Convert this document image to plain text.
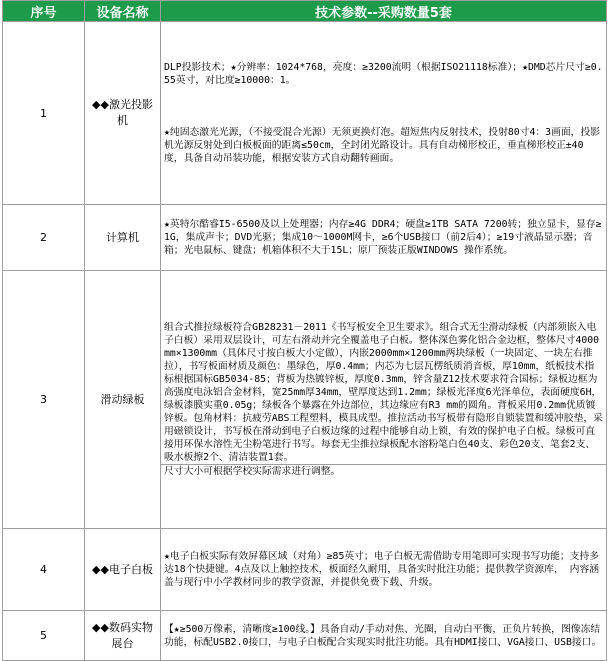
序号	设备名称	技术参数--采购数量5套
1	◆◆激光投影机	DLP投影技术；★分辨率：1024*768，亮度：≥3200流明（根据ISO21118标准）；★DMD芯片尺寸≥0.55英寸，对比度≥10000：1。
★纯固态激光光源，（不接受混合光源）无须更换灯泡。超短焦内反射技术，投射80寸4：3画面，投影机光源反射处到白板板面的距离≤50cm，全封闭光路设计。具有自动梯形校正，垂直梯形校正±40度，具备自动吊装功能，根据安装方式自动翻转画面。
2	计算机	★英特尔酷睿I5-6500及以上处理器；内存≥4G DDR4；硬盘≥1TB SATA 7200转；独立显卡，显存≥1G，集成声卡；DVD光驱；集成10～1000M网卡，≥6个USB接口（前2后4）；≥19寸液晶显示器；音箱；光电鼠标、键盘；机箱体积不大于15L；原厂预装正版WINDOWS 操作系统。
3	滑动绿板	组合式推拉绿板符合GB28231－2011《书写板安全卫生要求》。组合式无尘滑动绿板（内部须嵌入电子白板）采用双层设计，可左右滑动并完全覆盖电子白板。整体深色雾化铝合金边框，整体尺寸4000mm×1300mm（具体尺寸按白板大小定做），内嵌2000mm×1200mm两块绿板（一块固定、一块左右推拉），书写板面材质及颜色：墨绿色，厚0.4mm；内芯为七层瓦楞纸质消音板，厚10mm，纸板技术指标根据国标GB5034-85；背板为热镀锌板，厚度0.3mm，锌含量Z12技术要求符合国标；绿板边框为高强度电泳铝合金材料，宽25mm厚34mm，壁厚度达到1.2mm；绿板光泽度6光泽单位，表面硬度6H，绿板漆膜实重0.05g；绿板各个暴露在外边部位，其边缘应有R3 mm的圆角。背板采用0.2mm优质镀锌板。包角材料：抗疲劳ABS工程塑料，模具成型。推拉活动书写板带有隐形自锁装置和缓冲胶垫，采用磁锁设计，书写板在滑动到电子白板边缘的过程中能够自动上锁，有效的保护电子白板。绿板可直接用环保水溶性无尘粉笔进行书写。每套无尘推拉绿板配水溶粉笔白色40支、彩色20支、笔套2支、吸水板擦2个、清洁装置1套。
尺寸大小可根据学校实际需求进行调整。

4	◆◆电子白板	★电子白板实际有效屏幕区域（对角）≥85英寸；电子白板无需借助专用笔即可实现书写功能；支持多达18个快捷键。4点及以上触控技术，板面经久耐用，具备实时批注功能；提供教学资源库， 内容涵盖与现行中小学教材同步的教学资源，并提供免费下载、升级。
5	◆◆数码实物展台	【★≥500万像素，清晰度≥100线。】具备自动/手动对焦、光圈，自动白平衡，正负片转换，图像冻结功能，标配USB2.0接口，与电子白板配合实现实时批注功能。具有HDMI接口、VGA接口、USB接口。
